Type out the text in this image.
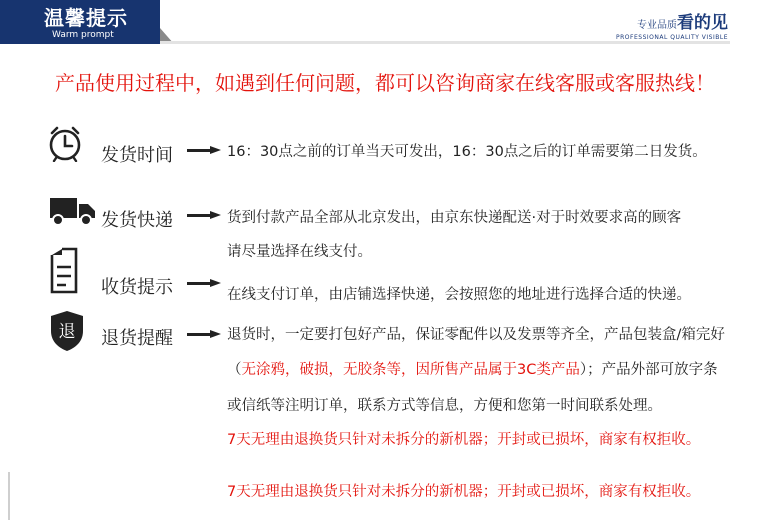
温馨提示
Warm prompt
专业品质看的见
PROFESSIONAL QUALITY VISIBLE
产品使用过程中，如遇到任何问题，都可以咨询商家在线客服或客服热线！
发货时间	16：30点之前的订单当天可发出，16：30点之后的订单需要第二日发货。
发货快递	货到付款产品全部从北京发出，由京东快递配送·对于时效要求高的顾客
请尽量选择在线支付。
收货提示	在线支付订单，由店铺选择快递，会按照您的地址进行选择合适的快递。
退 退货提醒	退货时，一定要打包好产品，保证零配件以及发票等齐全，产品包装盒/箱完好
（无涂鸦，破损，无胶条等，因所售产品属于3C类产品）；产品外部可放字条
或信纸等注明订单，联系方式等信息，方便和您第一时间联系处理。
7天无理由退换货只针对未拆分的新机器；开封或已损坏，商家有权拒收。
7天无理由退换货只针对未拆分的新机器；开封或已损坏，商家有权拒收。
